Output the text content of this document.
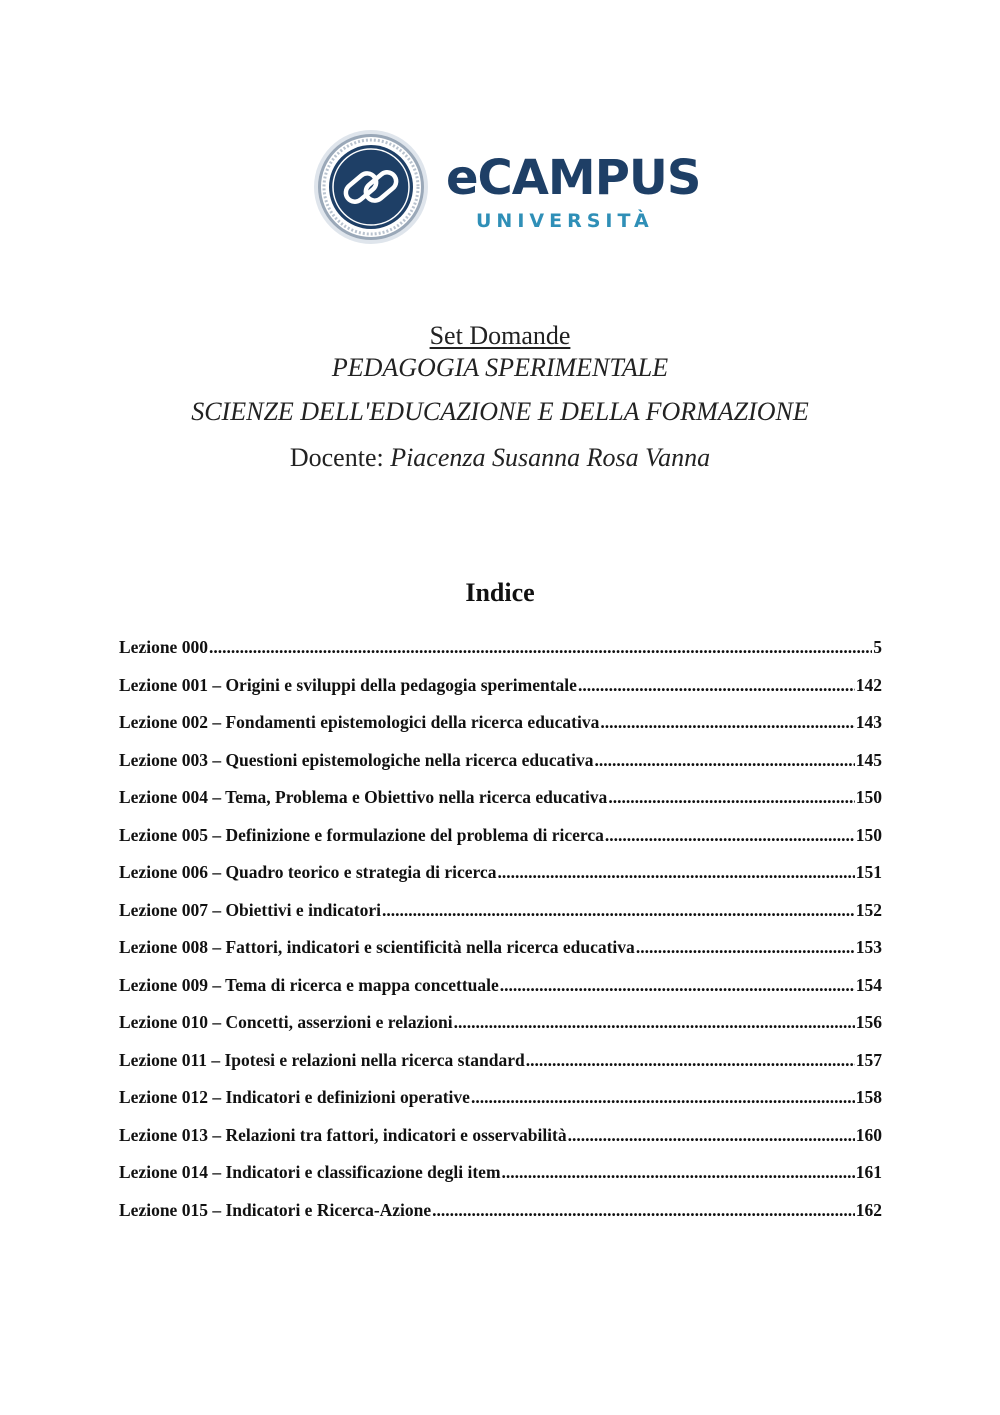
eCAMPUS
UNIVERSITÀ
Set Domande
PEDAGOGIA SPERIMENTALE
SCIENZE DELL'EDUCAZIONE E DELLA FORMAZIONE
Docente: Piacenza Susanna Rosa Vanna
Indice
Lezione 000 .....	5
Lezione 001 – Origini e sviluppi della pedagogia sperimentale .....	142
Lezione 002 – Fondamenti epistemologici della ricerca educativa .....	143
Lezione 003 – Questioni epistemologiche nella ricerca educativa .....	145
Lezione 004 – Tema, Problema e Obiettivo nella ricerca educativa .....	150
Lezione 005 – Definizione e formulazione del problema di ricerca .....	150
Lezione 006 – Quadro teorico e strategia di ricerca .....	151
Lezione 007 – Obiettivi e indicatori .....	152
Lezione 008 – Fattori, indicatori e scientificità nella ricerca educativa .....	153
Lezione 009 – Tema di ricerca e mappa concettuale .....	154
Lezione 010 – Concetti, asserzioni e relazioni .....	156
Lezione 011 – Ipotesi e relazioni nella ricerca standard .....	157
Lezione 012 – Indicatori e definizioni operative .....	158
Lezione 013 – Relazioni tra fattori, indicatori e osservabilità .....	160
Lezione 014 – Indicatori e classificazione degli item .....	161
Lezione 015 – Indicatori e Ricerca-Azione .....	162
